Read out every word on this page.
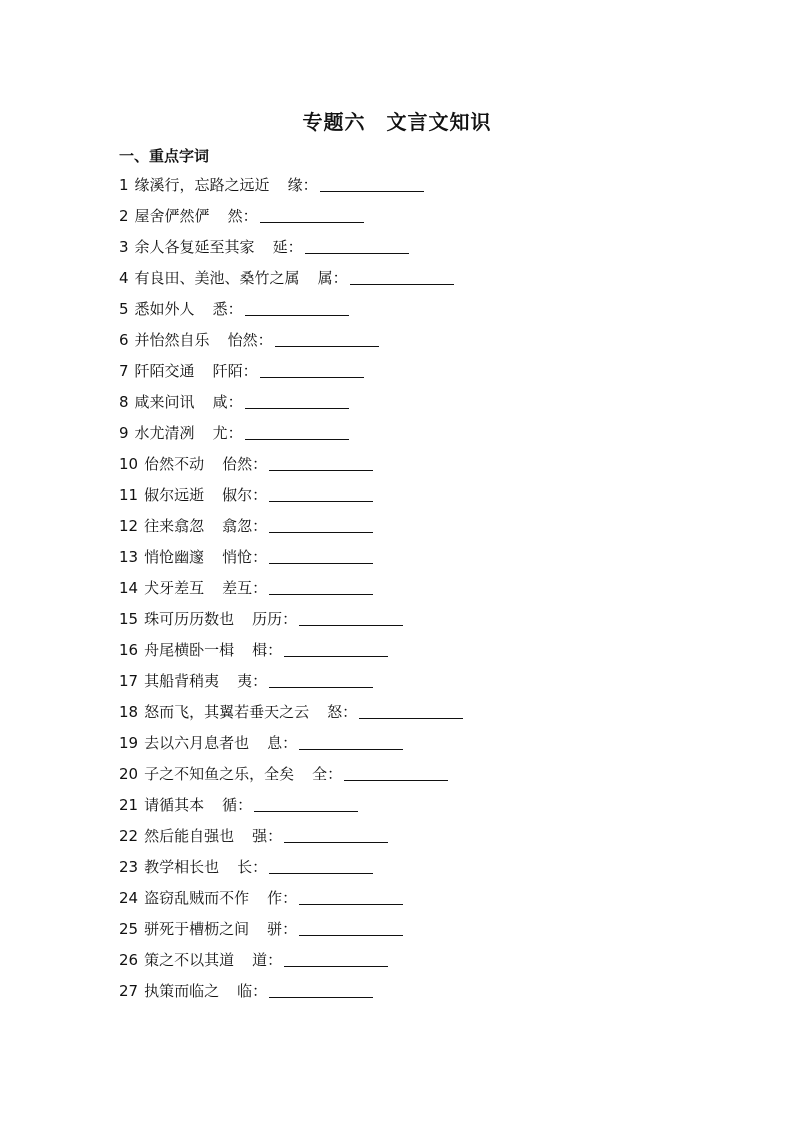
专题六　文言文知识
一、重点字词
1 缘溪行，忘路之远近 缘：
2 屋舍俨然俨 然：
3 余人各复延至其家 延：
4 有良田、美池、桑竹之属 属：
5 悉如外人 悉：
6 并怡然自乐 怡然：
7 阡陌交通 阡陌：
8 咸来问讯 咸：
9 水尤清冽 尤：
10 佁然不动 佁然：
11 俶尔远逝 俶尔：
12 往来翕忽 翕忽：
13 悄怆幽邃 悄怆：
14 犬牙差互 差互：
15 珠可历历数也 历历：
16 舟尾横卧一楫 楫：
17 其船背稍夷 夷：
18 怒而飞，其翼若垂天之云 怒：
19 去以六月息者也 息：
20 子之不知鱼之乐，全矣 全：
21 请循其本 循：
22 然后能自强也 强：
23 教学相长也 长：
24 盗窃乱贼而不作 作：
25 骈死于槽枥之间 骈：
26 策之不以其道 道：
27 执策而临之 临：
